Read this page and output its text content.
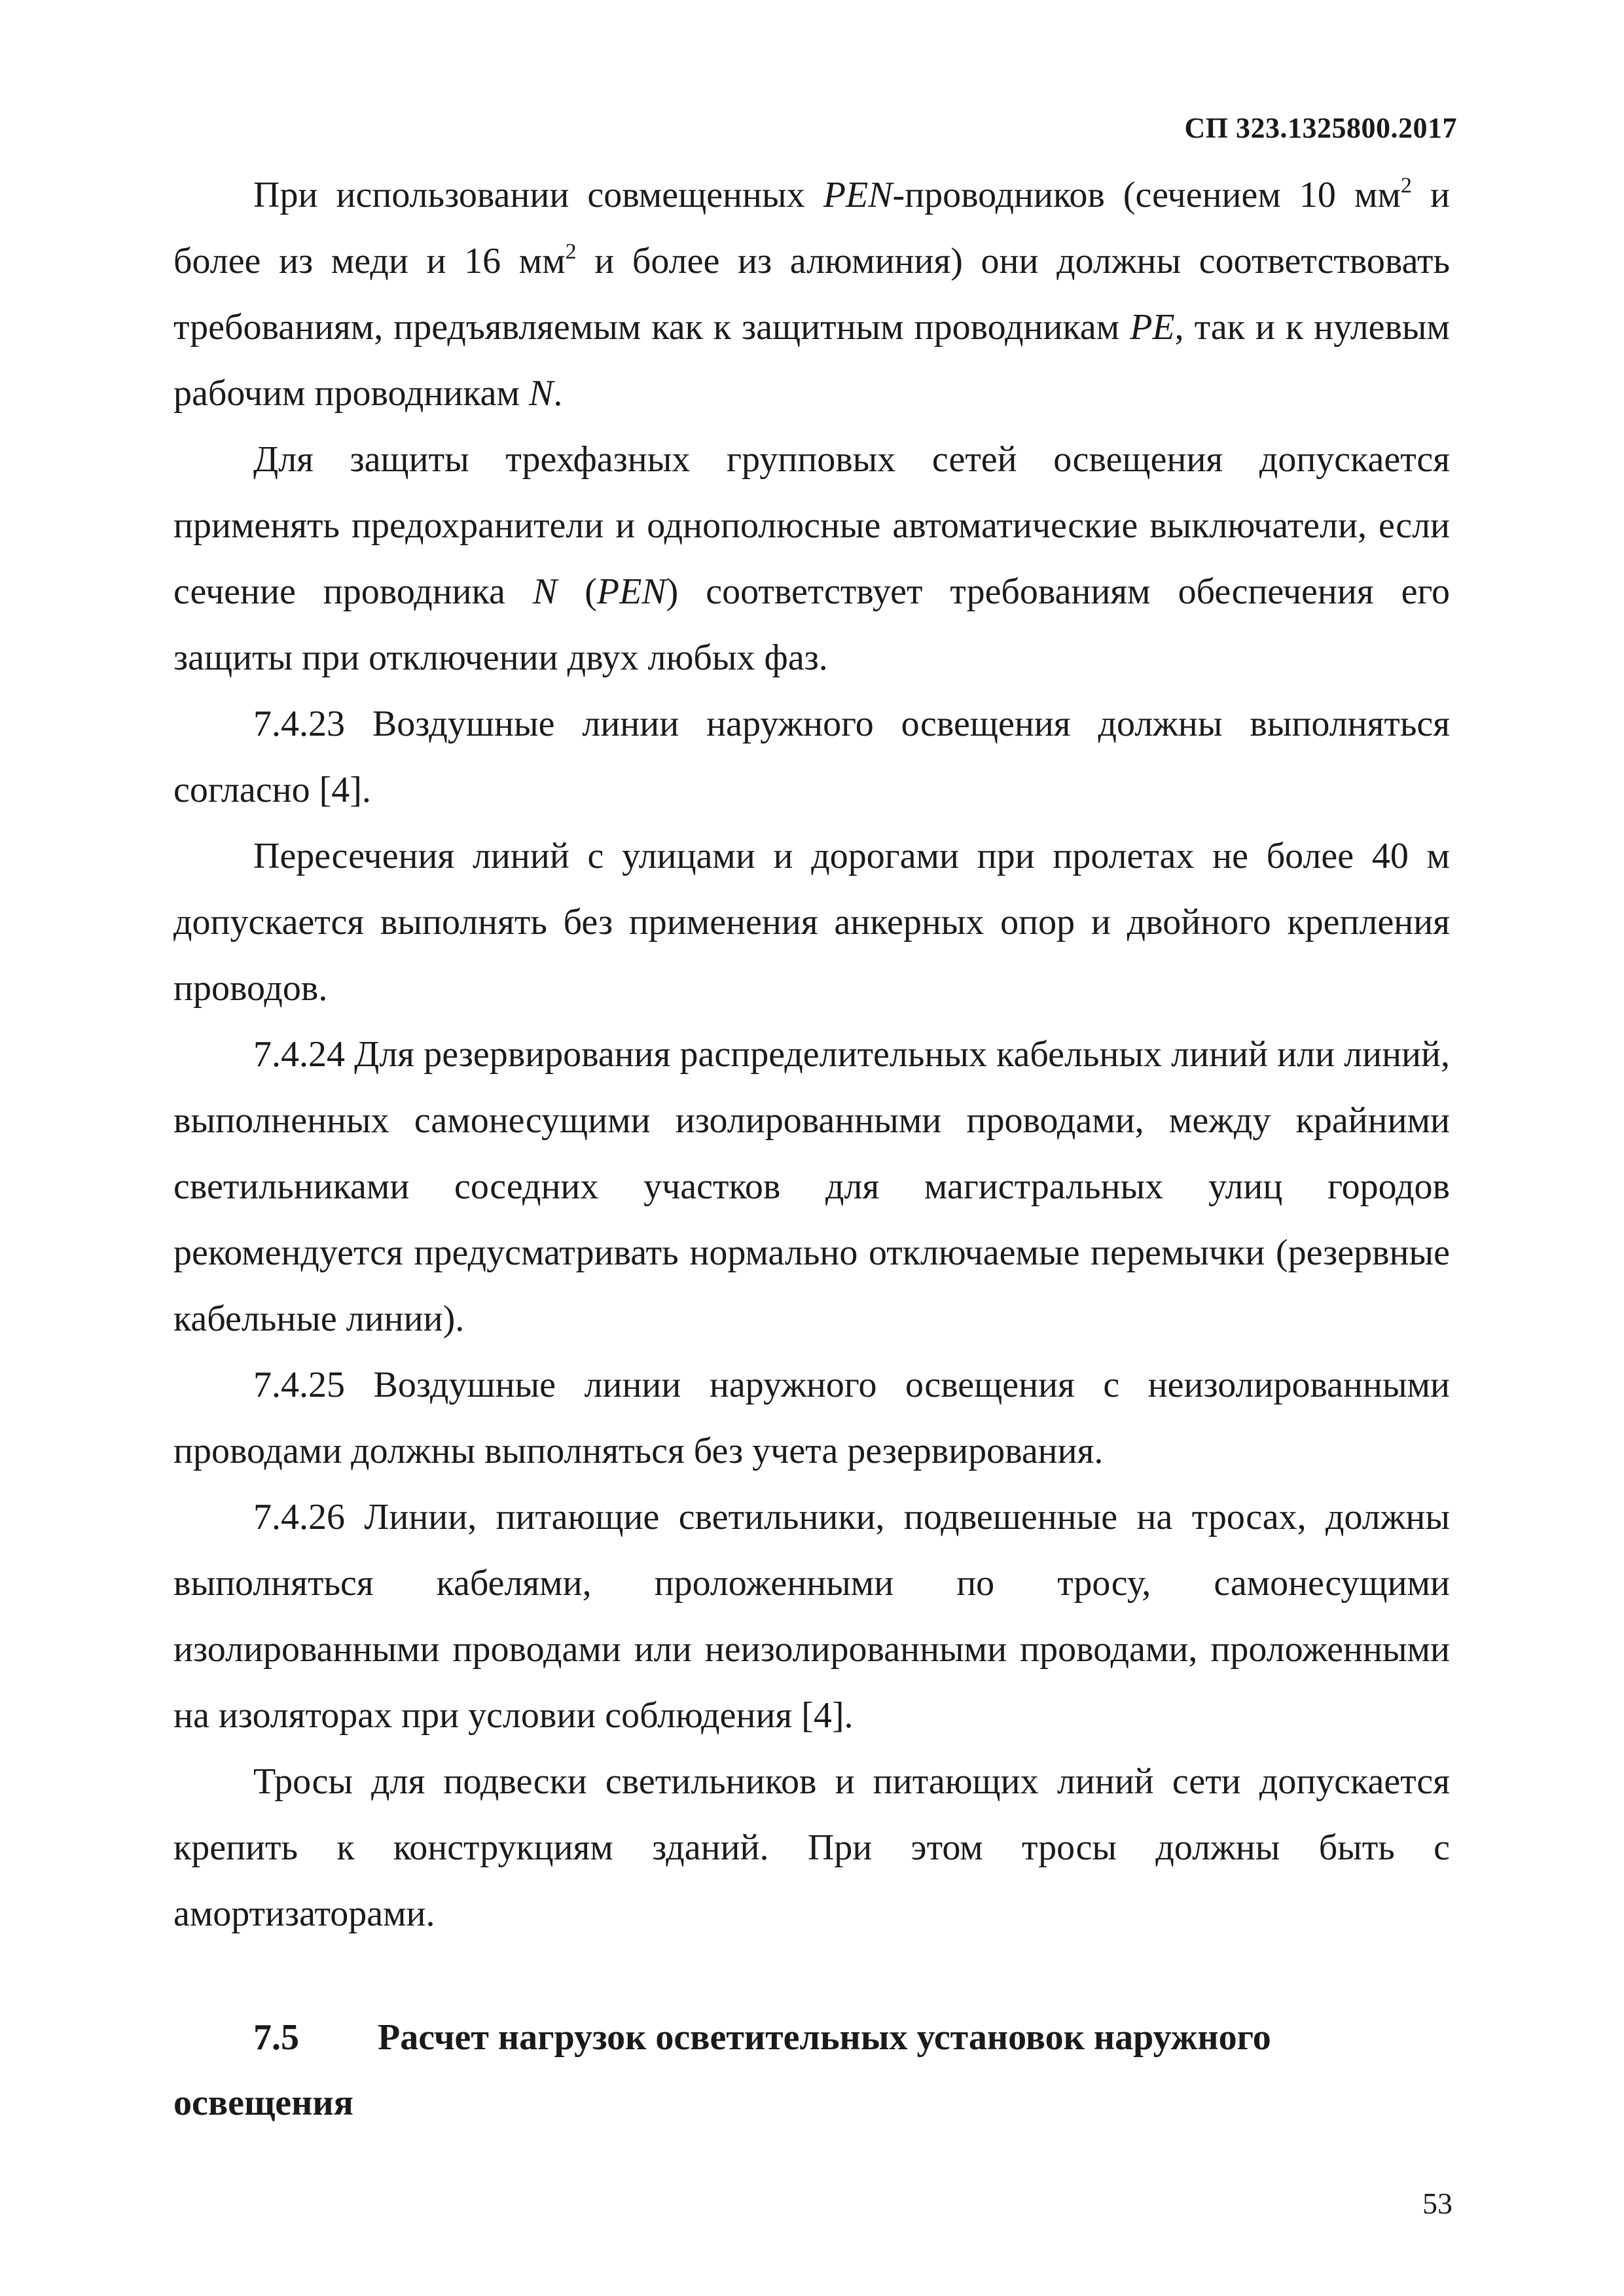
СП 323.1325800.2017

При использовании совмещенных PEN-проводников (сечением 10 $мм^2$ и более из меди и 16 $мм^2$ и более из алюминия) они должны соответствовать требованиям, предъявляемым как к защитным проводникам PE, так и к нулевым рабочим проводникам N.

Для защиты трехфазных групповых сетей освещения допускается применять предохранители и однополюсные автоматические выключатели, если сечение проводника N (PEN) соответствует требованиям обеспечения его защиты при отключении двух любых фаз.

7.4.23 Воздушные линии наружного освещения должны выполняться согласно [4].

Пересечения линий с улицами и дорогами при пролетах не более 40 м допускается выполнять без применения анкерных опор и двойного крепления проводов.

7.4.24 Для резервирования распределительных кабельных линий или линий, выполненных самонесущими изолированными проводами, между крайними светильниками соседних участков для магистральных улиц городов рекомендуется предусматривать нормально отключаемые перемычки (резервные кабельные линии).

7.4.25 Воздушные линии наружного освещения с неизолированными проводами должны выполняться без учета резервирования.

7.4.26 Линии, питающие светильники, подвешенные на тросах, должны выполняться кабелями, проложенными по тросу, самонесущими изолированными проводами или неизолированными проводами, проложенными на изоляторах при условии соблюдения [4].

Тросы для подвески светильников и питающих линий сети допускается крепить к конструкциям зданий. При этом тросы должны быть с амортизаторами.

7.5 Расчет нагрузок осветительных установок наружного
освещения
53
